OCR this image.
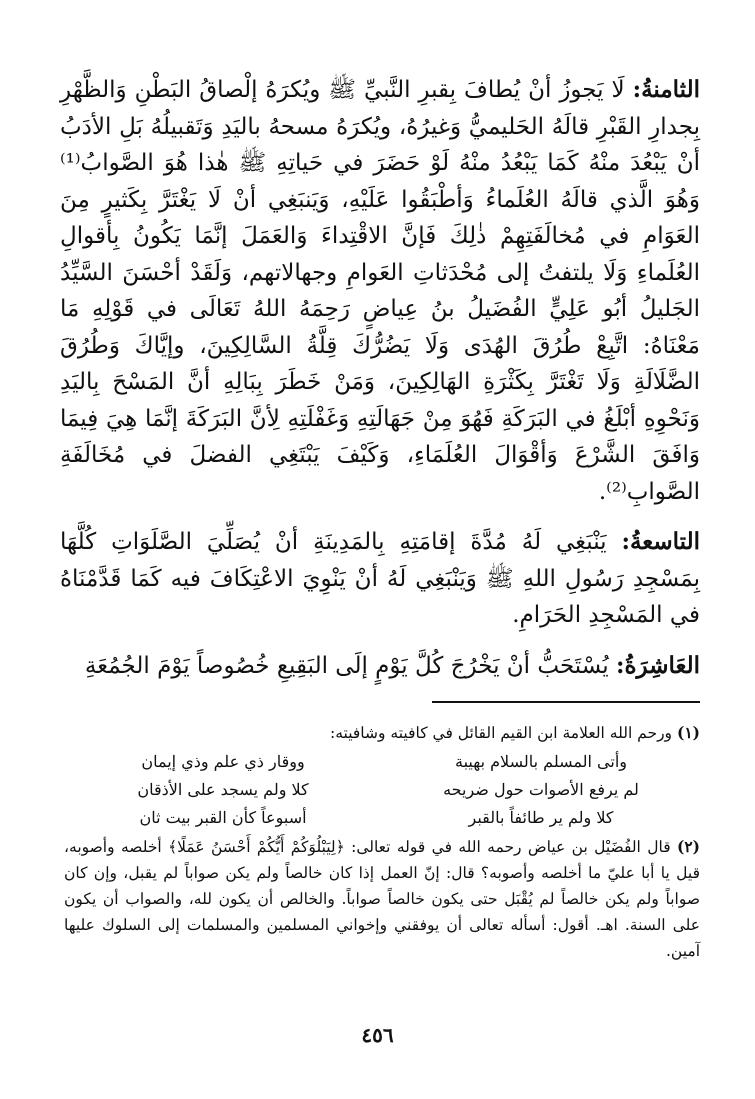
الثامنةُ: لَا يَجوزُ أنْ يُطافَ بِقبرِ النَّبيِّ ﷺ ويُكرَهُ إلْصاقُ البَطْنِ وَالظَّهْرِ بِجدارِ القَبْرِ قالَهُ الحَليميُّ وَغيرُهُ، ويُكرَهُ مسحهُ باليَدِ وَتَقبيلُهُ بَلِ الأدَبُ أنْ يَبْعُدَ منْهُ كَمَا يَبْعُدُ منْهُ لَوْ حَضَرَ في حَياتِهِ ﷺ هٰذا هُوَ الصَّوابُ⁽¹⁾ وَهُوَ الَّذي قالَهُ العُلَماءُ وَأطْبَقُوا عَلَيْهِ، وَيَنبَغِي أنْ لَا يَغْتَرَّ بِكَثيرٍ مِنَ العَوَامِ في مُخالَفَتِهِمْ ذٰلِكَ فَإنَّ الاقْتِداءَ وَالعَمَلَ إنَّمَا يَكُونُ بِأقوالِ العُلَماءِ وَلَا يلتفتُ إلى مُحْدَثاتِ العَوامِ وجهالاتهم، وَلَقَدْ أحْسَنَ السَّيِّدُ الجَليلُ أبُو عَلِيٍّ الفُضَيلُ بنُ عِياضٍ رَحِمَهُ اللهُ تَعَالَى في قَوْلِهِ مَا مَعْنَاهُ: اتَّبِعْ طُرُقَ الهُدَى وَلَا يَضُرُّكَ قِلَّةُ السَّالِكِينَ، وإيَّاكَ وَطُرُقَ الضَّلَالَةِ وَلَا تَغْتَرَّ بِكَثْرَةِ الهَالِكِينَ، وَمَنْ خَطَرَ بِبَالِهِ أنَّ المَسْحَ بِاليَدِ وَنَحْوِهِ أبْلَغُ في البَرَكَةِ فَهُوَ مِنْ جَهَالَتِهِ وَغَفْلَتِهِ لِأنَّ البَرَكَةَ إنَّمَا هِيَ فِيمَا وَافَقَ الشَّرْعَ وَأقْوَالَ العُلَمَاءِ، وَكَيْفَ يَبْتَغِي الفضلَ في مُخَالَفَةِ الصَّوابِ⁽²⁾.

التاسعةُ: يَنْبَغِي لَهُ مُدَّةَ إقامَتِهِ بِالمَدِينَةِ أنْ يُصَلِّيَ الصَّلَوَاتِ كُلَّهَا بِمَسْجِدِ رَسُولِ اللهِ ﷺ وَيَنْبَغِي لَهُ أنْ يَنْوِيَ الاعْتِكَافَ فيه كَمَا قَدَّمْنَاهُ في المَسْجِدِ الحَرَامِ.

العَاشِرَةُ: يُسْتَحَبُّ أنْ يَخْرُجَ كُلَّ يَوْمٍ إلَى البَقِيعِ خُصُوصاً يَوْمَ الجُمُعَةِ

(١) ورحم الله العلامة ابن القيم القائل في كافيته وشافيته:

وأتى المسلم بالسلام بهيبة
ووقار ذي علم وذي إيمان
لم يرفع الأصوات حول ضريحه
كلا ولم يسجد على الأذقان
كلا ولم ير طائفاً بالقبر
أسبوعاً كأن القبر بيت ثان

(٢) قال الفُضَيْل بن عياض رحمه الله في قوله تعالى: ﴿لِيَبْلُوَكُمْ أَيُّكُمْ أَحْسَنُ عَمَلًا﴾ أخلصه وأصوبه، قيل يا أبا عليّ ما أخلصه وأصوبه؟ قال: إنّ العمل إذا كان خالصاً ولم يكن صواباً لم يقبل، وإن كان صواباً ولم يكن خالصاً لم يُقْبَل حتى يكون خالصاً صواباً. والخالص أن يكون لله، والصواب أن يكون على السنة. اهـ. أقول: أسأله تعالى أن يوفقني وإخواني المسلمين والمسلمات إلى السلوك عليها آمين.

٤٥٦
